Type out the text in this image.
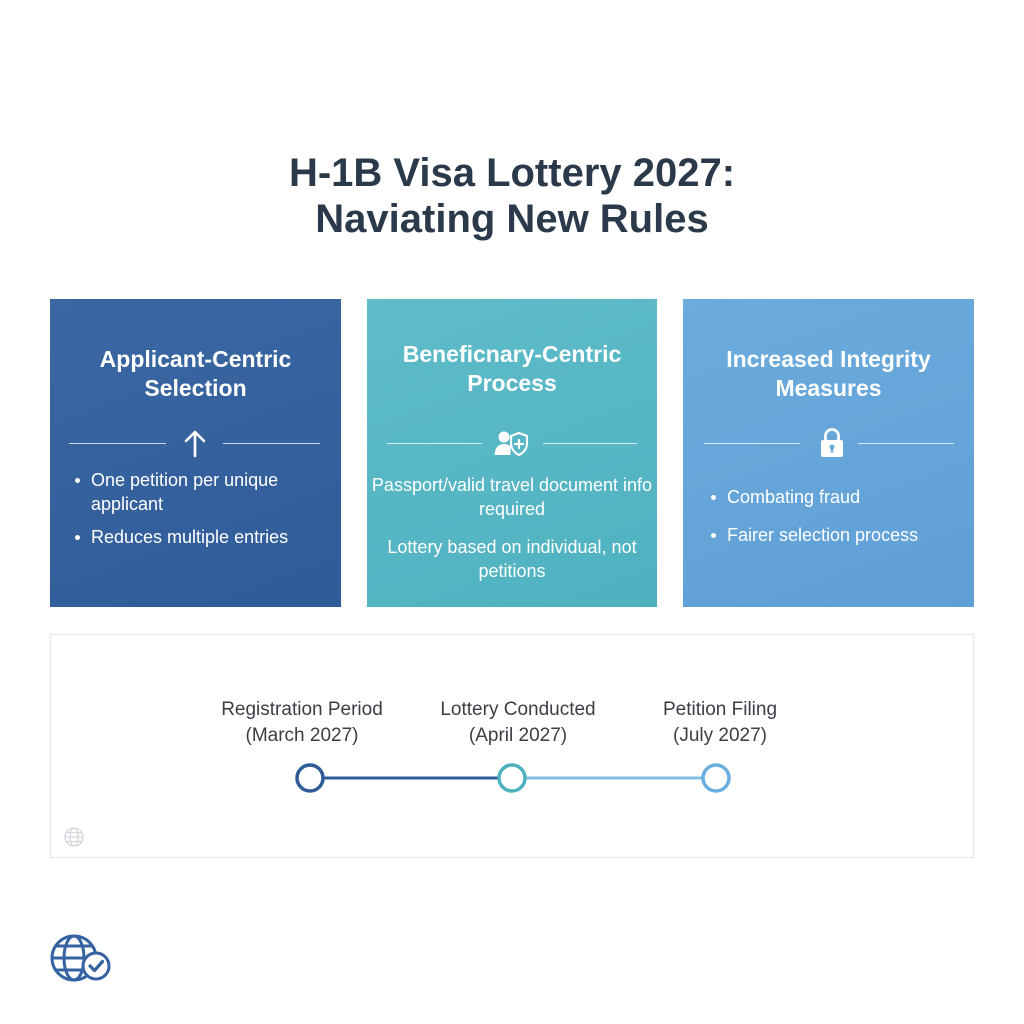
H-1B Visa Lottery 2027:
Naviating New Rules
Applicant-Centric
Selection
One petition per unique applicant
Reduces multiple entries
Beneficnary-Centric
Process

Passport/valid travel document info required

Lottery based on individual, not petitions

Increased Integrity
Measures
Combating fraud
Fairer selection process
Registration Period
(March 2027)
Lottery Conducted
(April 2027)
Petition Filing
(July 2027)
